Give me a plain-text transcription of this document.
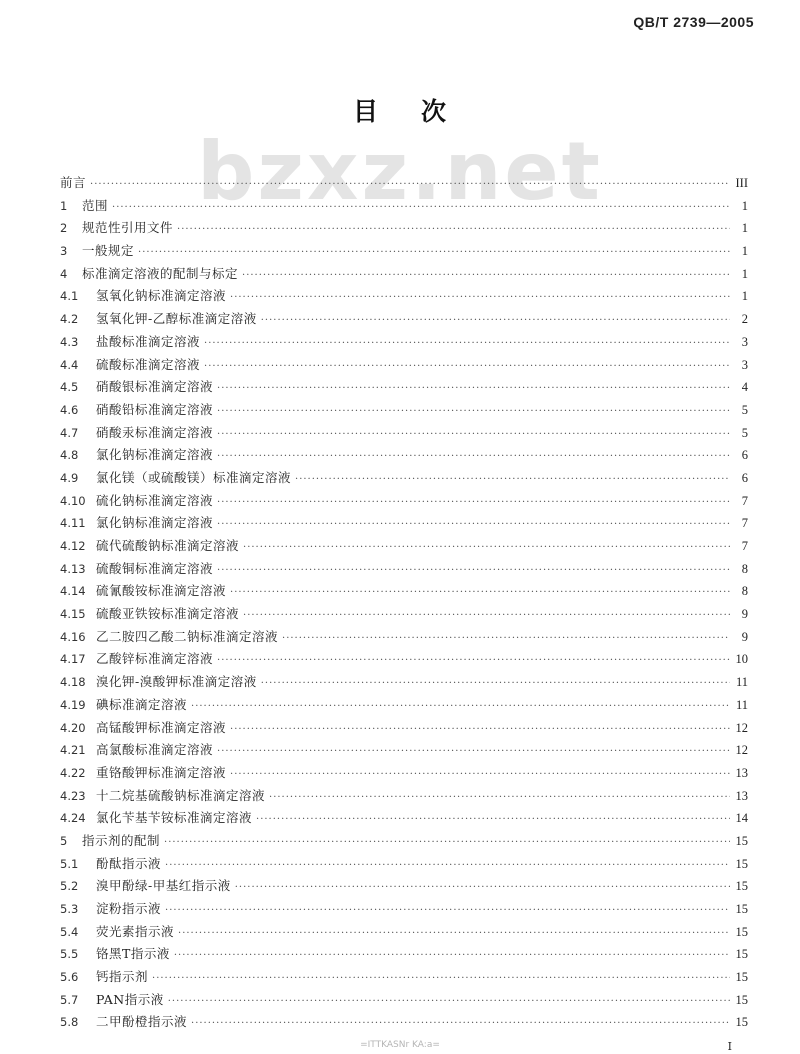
QB/T 2739—2005
bzxz.net
目 次
前言 ·····	III
1	范围 ·····	1
2	规范性引用文件 ·····	1
3	一般规定 ·····	1
4	标准滴定溶液的配制与标定 ·····	1
4.1	氢氧化钠标准滴定溶液 ·····	1
4.2	氢氧化钾-乙醇标准滴定溶液 ·····	2
4.3	盐酸标准滴定溶液 ·····	3
4.4	硫酸标准滴定溶液 ·····	3
4.5	硝酸银标准滴定溶液 ·····	4
4.6	硝酸铅标准滴定溶液 ·····	5
4.7	硝酸汞标准滴定溶液 ·····	5
4.8	氯化钠标准滴定溶液 ·····	6
4.9	氯化镁（或硫酸镁）标准滴定溶液 ·····	6
4.10 硫化钠标准滴定溶液 ·····	7
4.11 氯化钠标准滴定溶液 ·····	7
4.12 硫代硫酸钠标准滴定溶液 ·····	7
4.13 硫酸铜标准滴定溶液 ·····	8
4.14 硫氰酸铵标准滴定溶液 ·····	8
4.15 硫酸亚铁铵标准滴定溶液 ·····	9
4.16 乙二胺四乙酸二钠标准滴定溶液 ·····	9
4.17 乙酸锌标准滴定溶液 ·····	10
4.18 溴化钾-溴酸钾标准滴定溶液 ·····	11
4.19 碘标准滴定溶液 ·····	11
4.20 高锰酸钾标准滴定溶液 ·····	12
4.21 高氯酸标准滴定溶液 ·····	12
4.22 重铬酸钾标准滴定溶液 ·····	13
4.23 十二烷基硫酸钠标准滴定溶液 ·····	13
4.24 氯化苄基苄铵标准滴定溶液 ·····	14
5	指示剂的配制 ·····	15
5.1	酚酞指示液 ·····	15
5.2	溴甲酚绿-甲基红指示液 ·····	15
5.3	淀粉指示液 ·····	15
5.4	荧光素指示液 ·····	15
5.5	铬黑T指示液 ·····	15
5.6	钙指示剂 ·····	15
5.7	PAN指示液 ·····	15
5.8	二甲酚橙指示液 ·····	15
=ITTKASNr KA:a=	I
